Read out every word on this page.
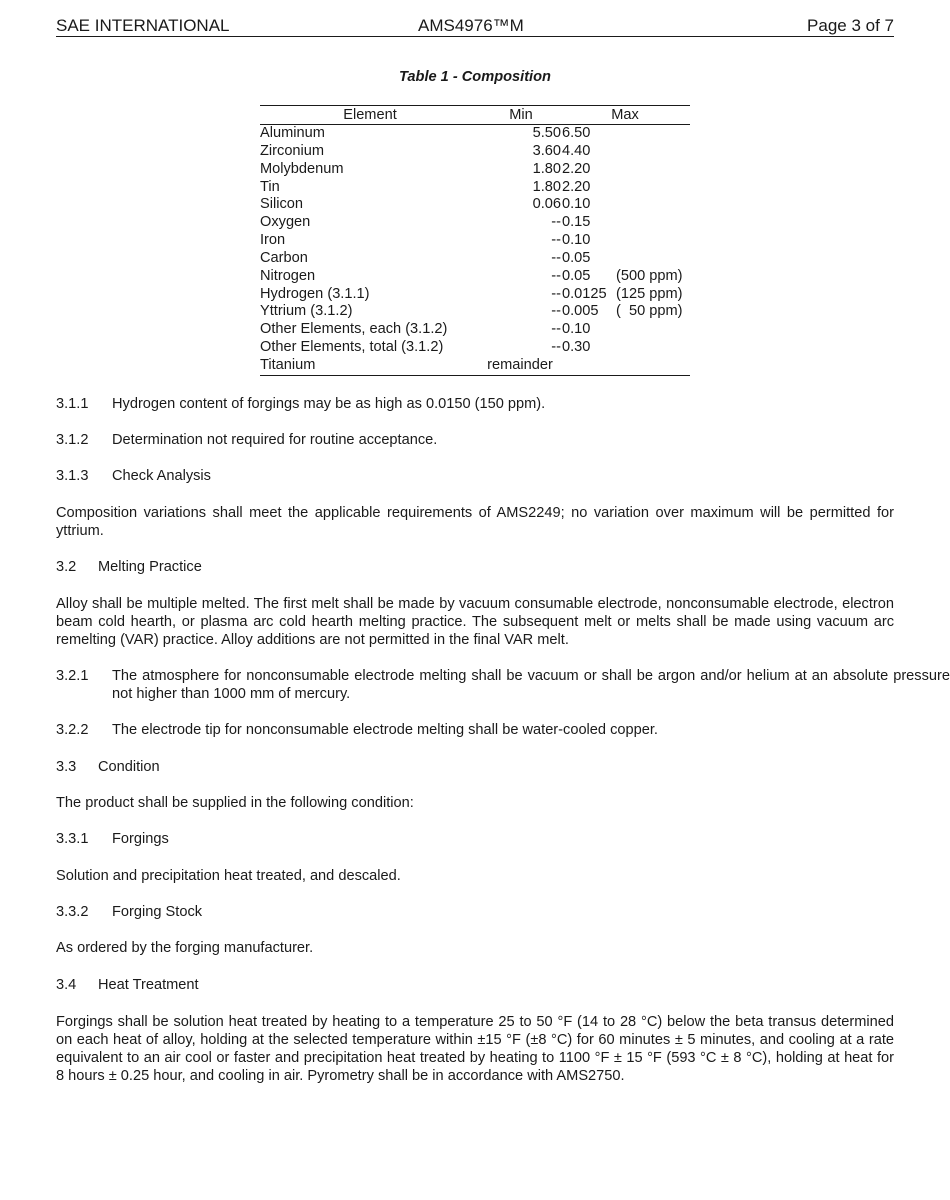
SAE INTERNATIONAL	AMS4976™M	Page 3 of 7
Table 1 - Composition
Element	Min	Max
Aluminum	5.50 6.50
Zirconium	3.60 4.40
Molybdenum	1.80 2.20
Tin	1.80 2.20
Silicon	0.06 0.10
Oxygen	-- 0.15
Iron	-- 0.10
Carbon	-- 0.05
Nitrogen	-- 0.05 (500 ppm)
Hydrogen (3.1.1)	-- 0.0125 (125 ppm)
Yttrium (3.1.2)	-- 0.005 (  50 ppm)
Other Elements, each (3.1.2)	-- 0.10
Other Elements, total (3.1.2)	-- 0.30
Titanium	remainder

3.1.1 Hydrogen content of forgings may be as high as 0.0150 (150 ppm).

3.1.2 Determination not required for routine acceptance.

3.1.3 Check Analysis

Composition variations shall meet the applicable requirements of AMS2249; no variation over maximum will be permitted for yttrium.

3.2 Melting Practice

Alloy shall be multiple melted. The first melt shall be made by vacuum consumable electrode, nonconsumable electrode, electron beam cold hearth, or plasma arc cold hearth melting practice. The subsequent melt or melts shall be made using vacuum arc remelting (VAR) practice. Alloy additions are not permitted in the final VAR melt.

3.2.1 The atmosphere for nonconsumable electrode melting shall be vacuum or shall be argon and/or helium at an absolute pressure not higher than 1000 mm of mercury.

3.2.2 The electrode tip for nonconsumable electrode melting shall be water-cooled copper.

3.3 Condition

The product shall be supplied in the following condition:

3.3.1 Forgings

Solution and precipitation heat treated, and descaled.

3.3.2 Forging Stock

As ordered by the forging manufacturer.

3.4 Heat Treatment

Forgings shall be solution heat treated by heating to a temperature 25 to 50 °F (14 to 28 °C) below the beta transus determined on each heat of alloy, holding at the selected temperature within ±15 °F (±8 °C) for 60 minutes ± 5 minutes, and cooling at a rate equivalent to an air cool or faster and precipitation heat treated by heating to 1100 °F ± 15 °F (593 °C ± 8 °C), holding at heat for 8 hours ± 0.25 hour, and cooling in air. Pyrometry shall be in accordance with AMS2750.
